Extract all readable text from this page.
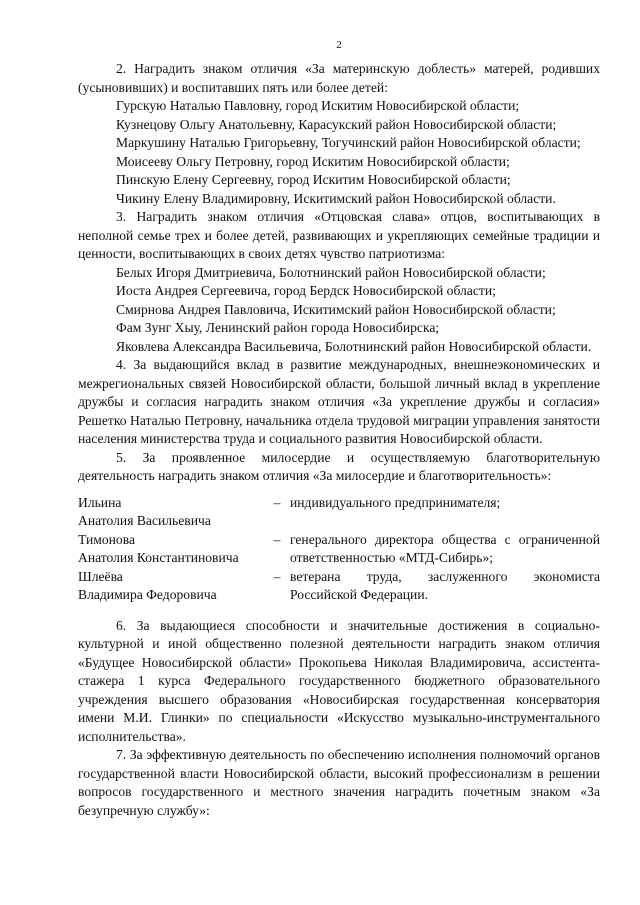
2

2. Наградить знаком отличия «За материнскую доблесть» матерей, родивших (усыновивших) и воспитавших пять или более детей:

Гурскую Наталью Павловну, город Искитим Новосибирской области;

Кузнецову Ольгу Анатольевну, Карасукский район Новосибирской области;

Маркушину Наталью Григорьевну, Тогучинский район Новосибирской области;

Моисееву Ольгу Петровну, город Искитим Новосибирской области;

Пинскую Елену Сергеевну, город Искитим Новосибирской области;

Чикину Елену Владимировну, Искитимский район Новосибирской области.

3. Наградить знаком отличия «Отцовская слава» отцов, воспитывающих в неполной семье трех и более детей, развивающих и укрепляющих семейные традиции и ценности, воспитывающих в своих детях чувство патриотизма:

Белых Игоря Дмитриевича, Болотнинский район Новосибирской области;

Иоста Андрея Сергеевича, город Бердск Новосибирской области;

Смирнова Андрея Павловича, Искитимский район Новосибирской области;

Фам Зунг Хыу, Ленинский район города Новосибирска;

Яковлева Александра Васильевича, Болотнинский район Новосибирской области.

4. За выдающийся вклад в развитие международных, внешнеэкономических и межрегиональных связей Новосибирской области, большой личный вклад в укрепление дружбы и согласия наградить знаком отличия «За укрепление дружбы и согласия» Решетко Наталью Петровну, начальника отдела трудовой миграции управления занятости населения министерства труда и социального развития Новосибирской области.

5. За проявленное милосердие и осуществляемую благотворительную деятельность наградить знаком отличия «За милосердие и благотворительность»:

Ильина
Анатолия Васильевича	–	индивидуального предпринимателя;

Тимонова
Анатолия Константиновича	–	генерального директора общества с ограниченной ответственностью «МТД-Сибирь»;

Шлеёва
Владимира Федоровича	–	ветерана труда, заслуженного экономиста Российской Федерации.

6. За выдающиеся способности и значительные достижения в социально-культурной и иной общественно полезной деятельности наградить знаком отличия «Будущее Новосибирской области» Прокопьева Николая Владимировича, ассистента-стажера 1 курса Федерального государственного бюджетного образовательного учреждения высшего образования «Новосибирская государственная консерватория имени М.И. Глинки» по специальности «Искусство музыкально-инструментального исполнительства».

7. За эффективную деятельность по обеспечению исполнения полномочий органов государственной власти Новосибирской области, высокий профессионализм в решении вопросов государственного и местного значения наградить почетным знаком «За безупречную службу»:
